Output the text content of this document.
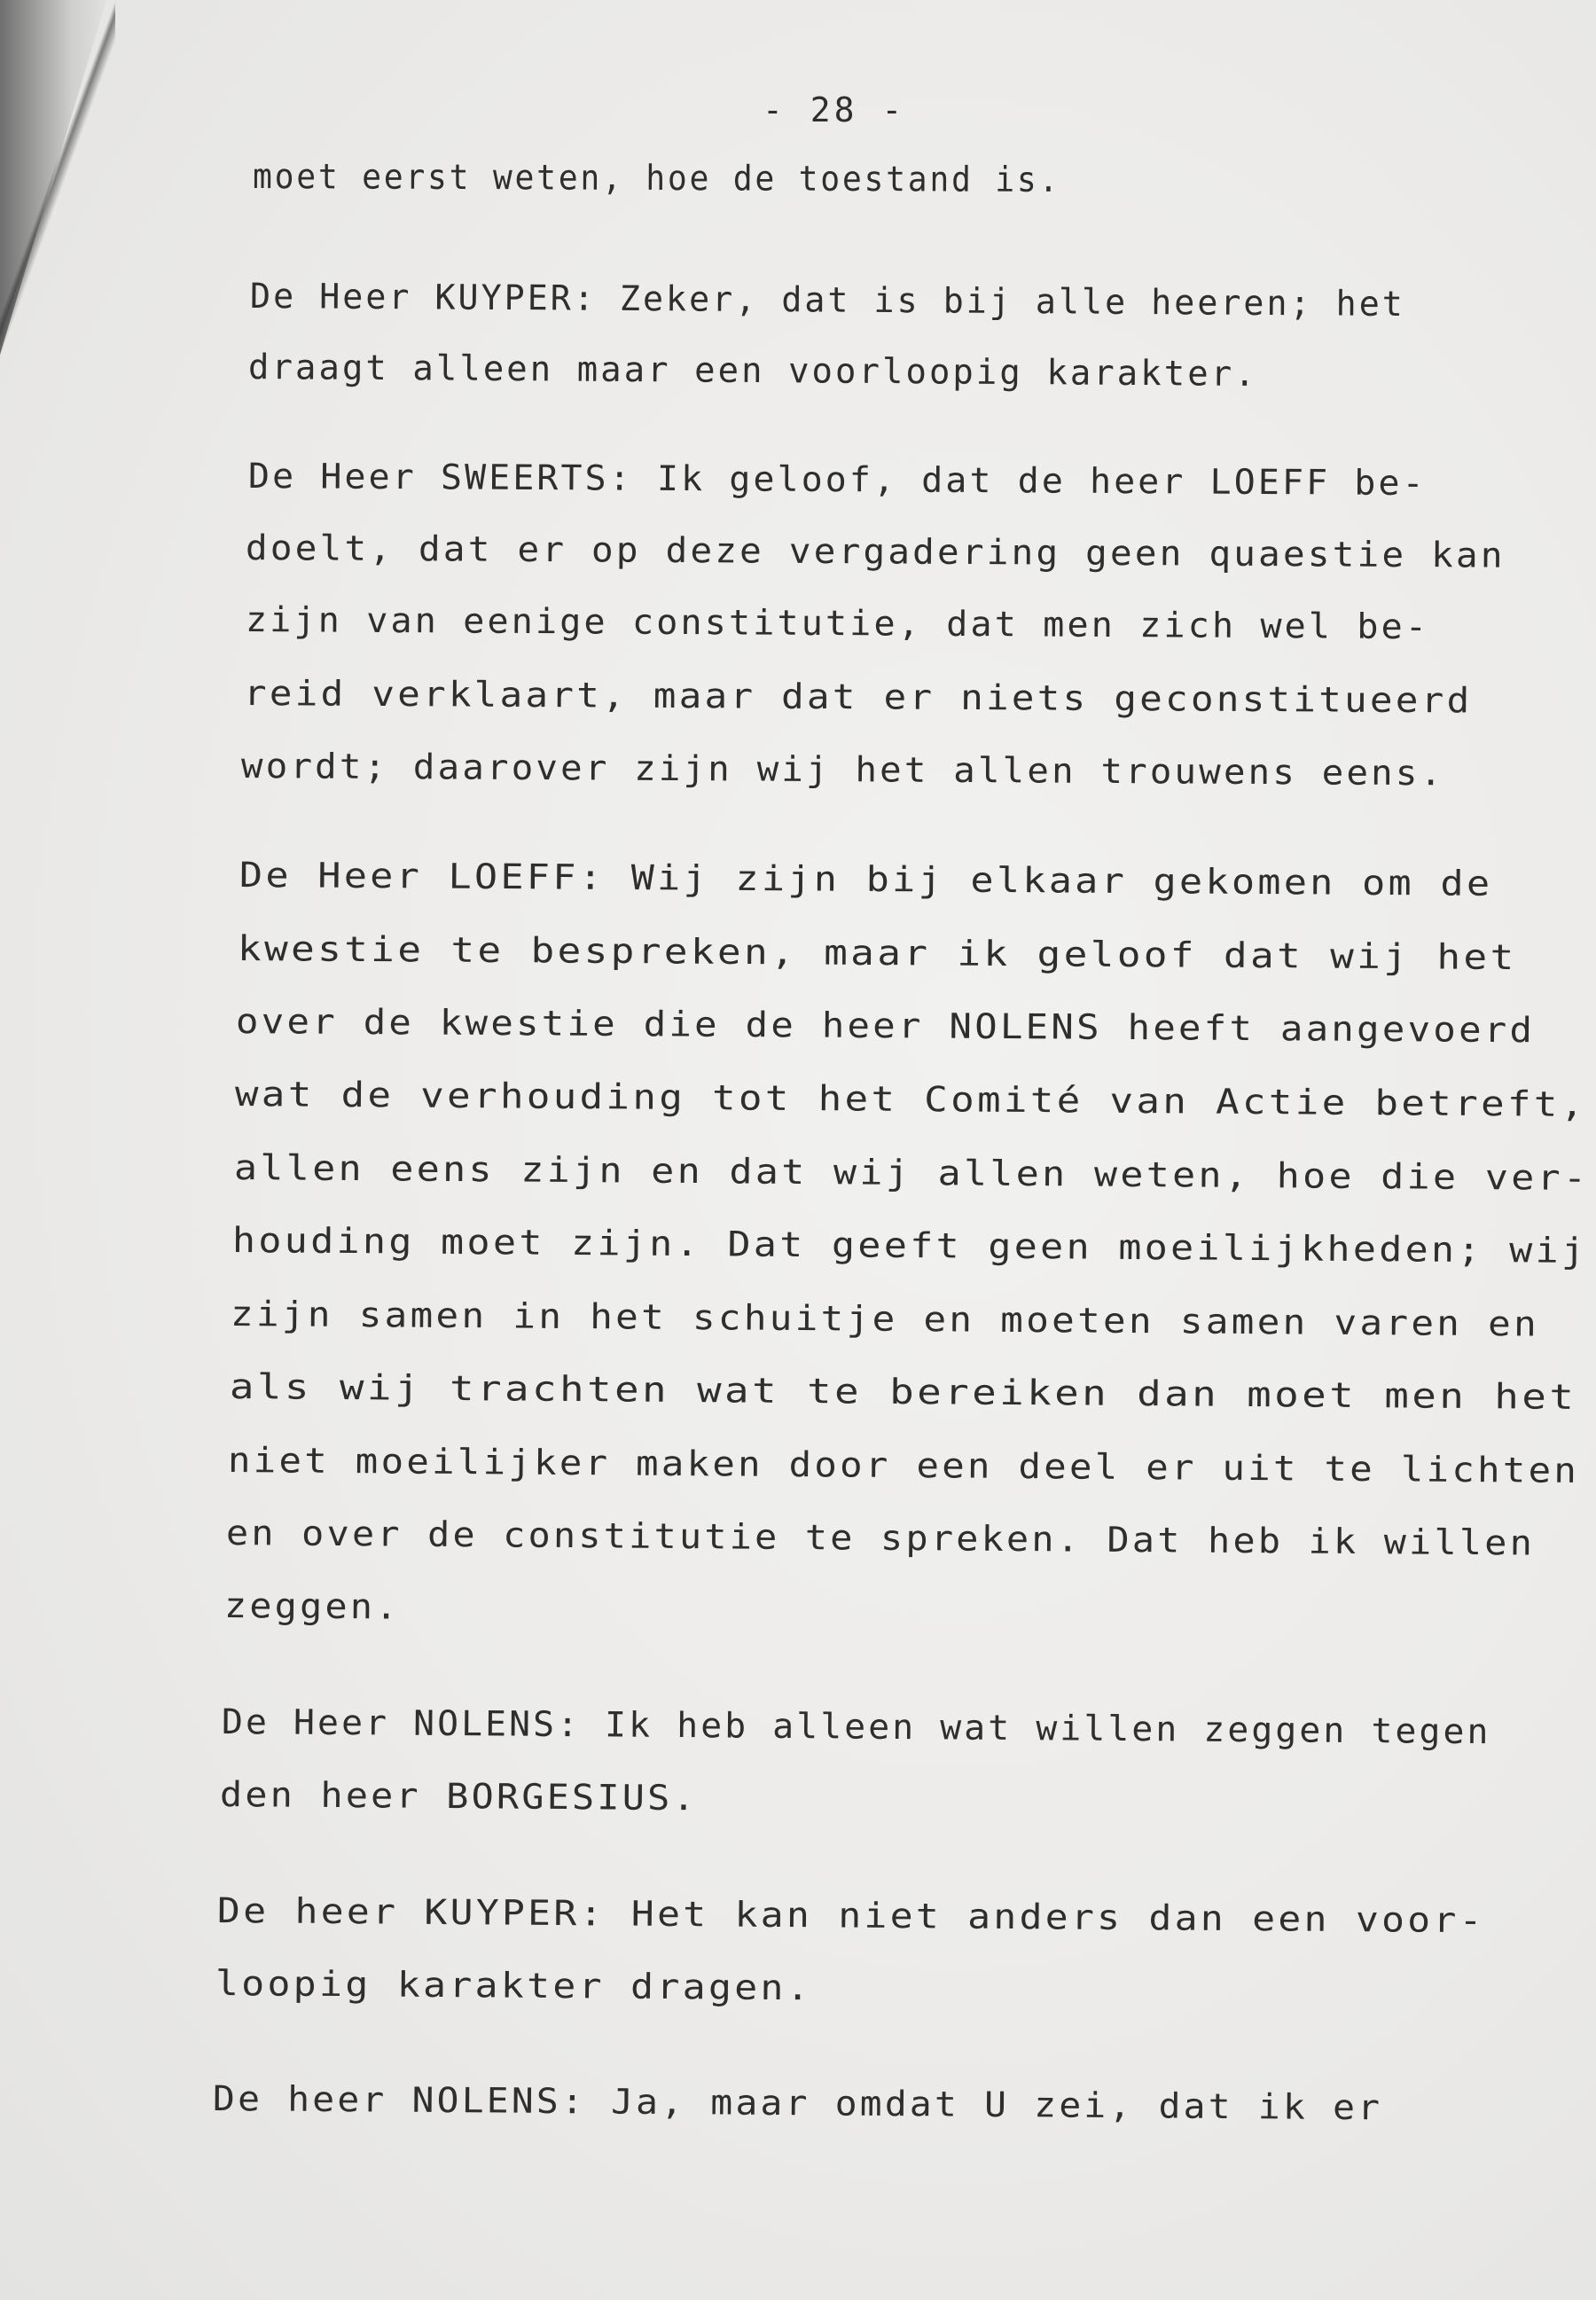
- 28 -
moet eerst weten, hoe de toestand is.
De Heer KUYPER: Zeker, dat is bij alle heeren; het
draagt alleen maar een voorloopig karakter.
De Heer SWEERTS: Ik geloof, dat de heer LOEFF be-
doelt, dat er op deze vergadering geen quaestie kan
zijn van eenige constitutie, dat men zich wel be-
reid verklaart, maar dat er niets geconstitueerd
wordt; daarover zijn wij het allen trouwens eens.
De Heer LOEFF: Wij zijn bij elkaar gekomen om de
kwestie te bespreken, maar ik geloof dat wij het
over de kwestie die de heer NOLENS heeft aangevoerd
wat de verhouding tot het Comité van Actie betreft,
allen eens zijn en dat wij allen weten, hoe die ver-
houding moet zijn. Dat geeft geen moeilijkheden; wij
zijn samen in het schuitje en moeten samen varen en
als wij trachten wat te bereiken dan moet men het
niet moeilijker maken door een deel er uit te lichten
en over de constitutie te spreken. Dat heb ik willen
zeggen.
De Heer NOLENS: Ik heb alleen wat willen zeggen tegen
den heer BORGESIUS.
De heer KUYPER: Het kan niet anders dan een voor-
loopig karakter dragen.
De heer NOLENS: Ja, maar omdat U zei, dat ik er
